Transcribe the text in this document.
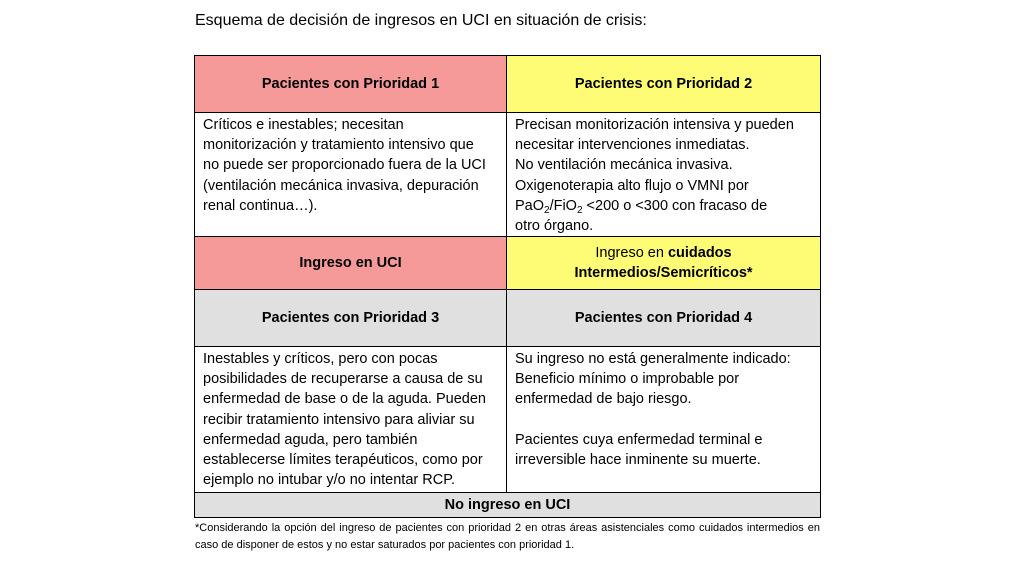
Esquema de decisión de ingresos en UCI en situación de crisis:
Pacientes con Prioridad 1	Pacientes con Prioridad 2
Críticos e inestables; necesitan
monitorización y tratamiento intensivo que
no puede ser proporcionado fuera de la UCI
(ventilación mecánica invasiva, depuración
renal continua…).
Precisan monitorización intensiva y pueden
necesitar intervenciones inmediatas.
No ventilación mecánica invasiva.
Oxigenoterapia alto flujo o VMNI por
PaO$_2$/FiO$_2$ <200 o <300 con fracaso de
otro órgano.
Ingreso en UCI
Ingreso en cuidados
Intermedios/Semicríticos*
Pacientes con Prioridad 3	Pacientes con Prioridad 4
Inestables y críticos, pero con pocas
posibilidades de recuperarse a causa de su
enfermedad de base o de la aguda. Pueden
recibir tratamiento intensivo para aliviar su
enfermedad aguda, pero también
establecerse límites terapéuticos, como por
ejemplo no intubar y/o no intentar RCP.
Su ingreso no está generalmente indicado:
Beneficio mínimo o improbable por
enfermedad de bajo riesgo.

Pacientes cuya enfermedad terminal e
irreversible hace inminente su muerte.
No ingreso en UCI
*Considerando la opción del ingreso de pacientes con prioridad 2 en otras áreas asistenciales como cuidados intermedios en caso de disponer de estos y no estar saturados por pacientes con prioridad 1.
